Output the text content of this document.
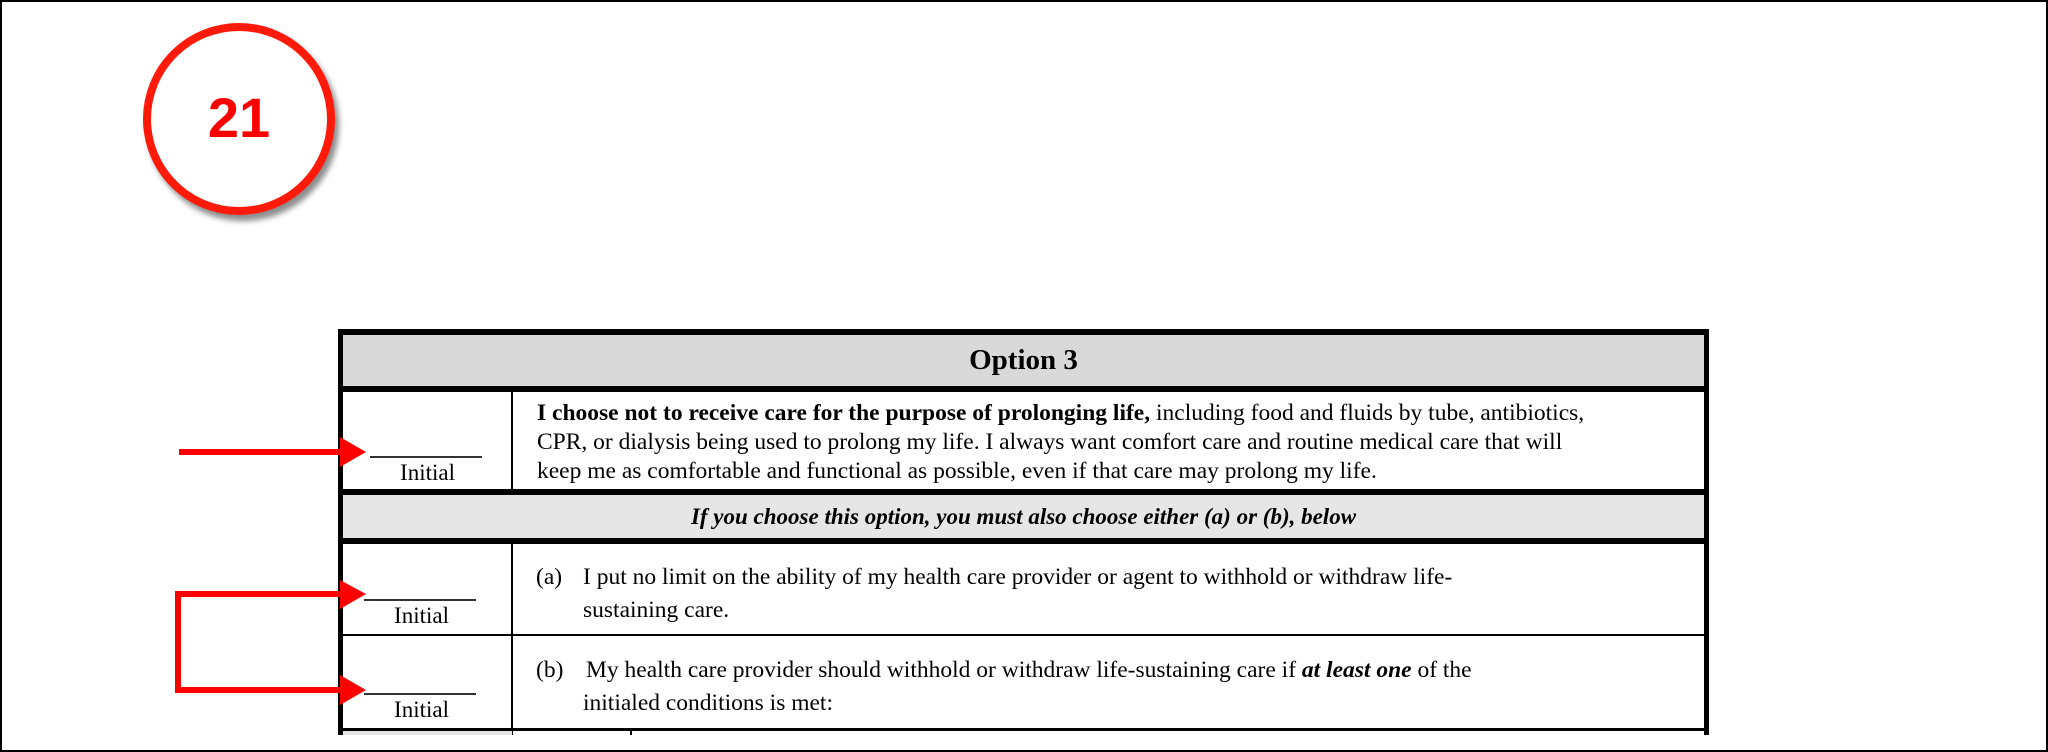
21
Option 3
Initial
I choose not to receive care for the purpose of prolonging life, including food and fluids by tube, antibiotics,
CPR, or dialysis being used to prolong my life. I always want comfort care and routine medical care that will
keep me as comfortable and functional as possible, even if that care may prolong my life.
If you choose this option, you must also choose either (a) or (b), below
Initial
(a) I put no limit on the ability of my health care provider or agent to withhold or withdraw life-
sustaining care.
Initial
(b) My health care provider should withhold or withdraw life-sustaining care if at least one of the
initialed conditions is met:
